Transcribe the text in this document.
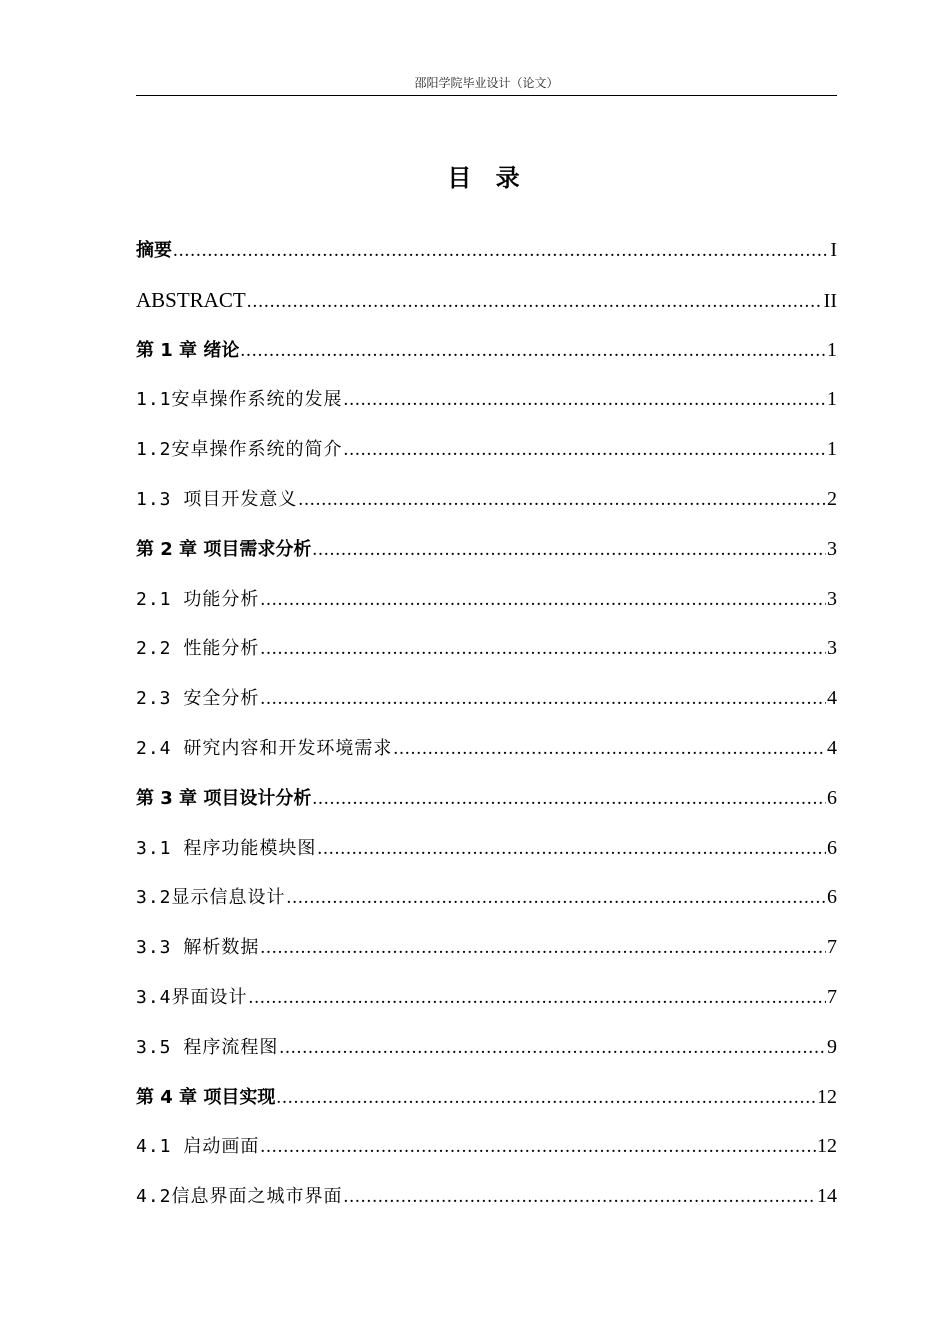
邵阳学院毕业设计（论文）
目 录
摘要 .....	I
ABSTRACT .....	II
第 1 章 绪论 .....	1
1.1安卓操作系统的发展 .....	1
1.2安卓操作系统的简介 .....	1
1.3 项目开发意义 .....	2
第 2 章 项目需求分析 .....	3
2.1 功能分析 .....	3
2.2 性能分析 .....	3
2.3 安全分析 .....	4
2.4 研究内容和开发环境需求 .....	4
第 3 章 项目设计分析 .....	6
3.1 程序功能模块图 .....	6
3.2显示信息设计 .....	6
3.3 解析数据 .....	7
3.4界面设计 .....	7
3.5 程序流程图 .....	9
第 4 章 项目实现 .....	12
4.1 启动画面 .....	12
4.2信息界面之城市界面 .....	14
